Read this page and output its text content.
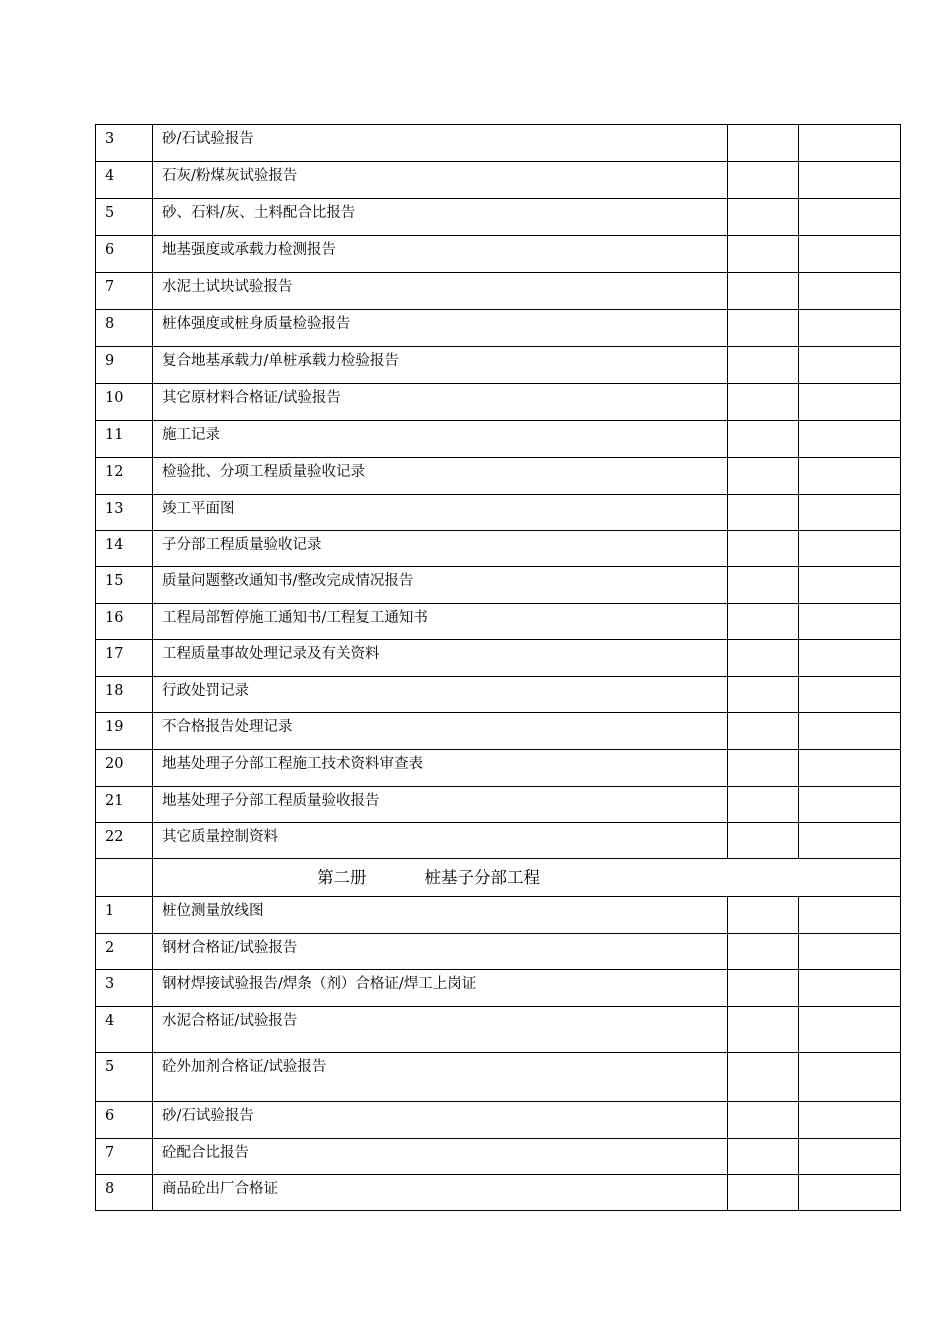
3	砂/石试验报告		
4	石灰/粉煤灰试验报告		
5	砂、石料/灰、土料配合比报告		
6	地基强度或承载力检测报告		
7	水泥土试块试验报告		
8	桩体强度或桩身质量检验报告		
9	复合地基承载力/单桩承载力检验报告		
10	其它原材料合格证/试验报告		
11	施工记录		
12	检验批、分项工程质量验收记录		
13	竣工平面图		
14	子分部工程质量验收记录		
15	质量问题整改通知书/整改完成情况报告		
16	工程局部暂停施工通知书/工程复工通知书		
17	工程质量事故处理记录及有关资料		
18	行政处罚记录		
19	不合格报告处理记录		
20	地基处理子分部工程施工技术资料审查表		
21	地基处理子分部工程质量验收报告		
22	其它质量控制资料		
	第二册 桩基子分部工程		
1	桩位测量放线图		
2	钢材合格证/试验报告		
3	钢材焊接试验报告/焊条（剂）合格证/焊工上岗证		
4	水泥合格证/试验报告		
5	砼外加剂合格证/试验报告		
6	砂/石试验报告		
7	砼配合比报告		
8	商品砼出厂合格证		
